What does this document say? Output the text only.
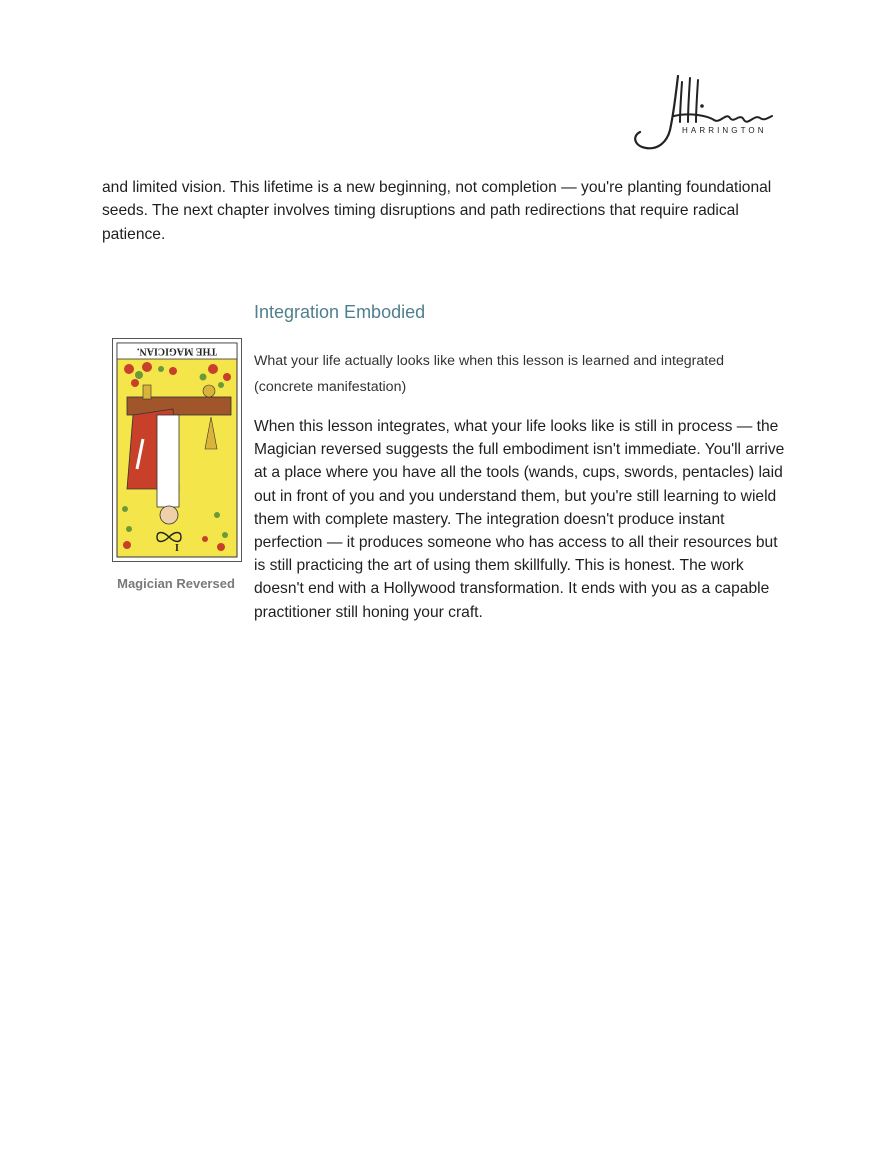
HARRINGTON

and limited vision. This lifetime is a new beginning, not completion — you're planting foundational seeds. The next chapter involves timing disruptions and path redirections that require radical patience.

THE MAGICIAN.
I
Magician Reversed
Integration Embodied

What your life actually looks like when this lesson is learned and integrated (concrete manifestation)

When this lesson integrates, what your life looks like is still in process — the Magician reversed suggests the full embodiment isn't immediate. You'll arrive at a place where you have all the tools (wands, cups, swords, pentacles) laid out in front of you and you understand them, but you're still learning to wield them with complete mastery. The integration doesn't produce instant perfection — it produces someone who has access to all their resources but is still practicing the art of using them skillfully. This is honest. The work doesn't end with a Hollywood transformation. It ends with you as a capable practitioner still honing your craft.
